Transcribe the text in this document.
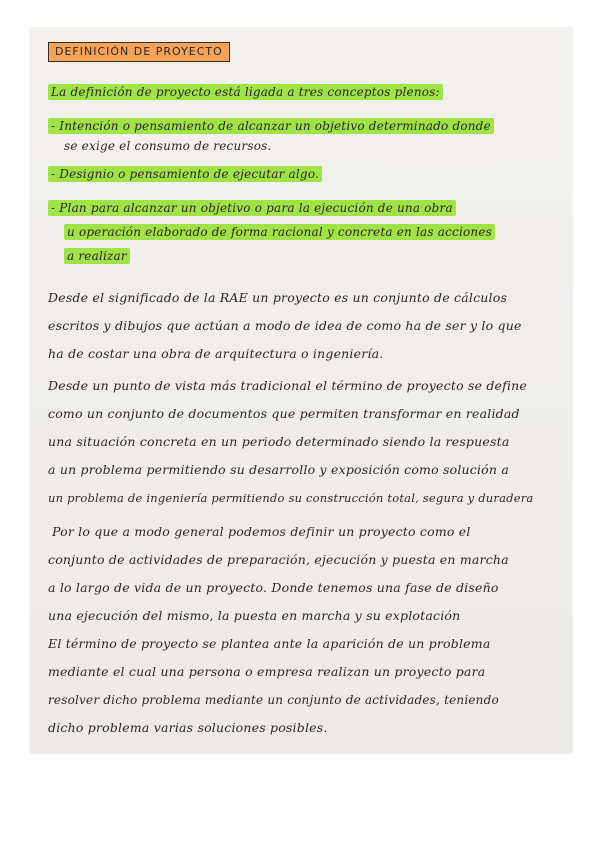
DEFINICIÓN DE PROYECTO
La definición de proyecto está ligada a tres conceptos plenos:
- Intención o pensamiento de alcanzar un objetivo determinado donde
se exige el consumo de recursos.
- Designio o pensamiento de ejecutar algo.
- Plan para alcanzar un objetivo o para la ejecución de una obra
u operación elaborado de forma racional y concreta en las acciones
a realizar
Desde el significado de la RAE un proyecto es un conjunto de cálculos
escritos y dibujos que actúan a modo de idea de como ha de ser y lo que
ha de costar una obra de arquitectura o ingeniería.
Desde un punto de vista más tradicional el término de proyecto se define
como un conjunto de documentos que permiten transformar en realidad
una situación concreta en un periodo determinado siendo la respuesta
a un problema permitiendo su desarrollo y exposición como solución a
un problema de ingeniería permitiendo su construcción total, segura y duradera
Por lo que a modo general podemos definir un proyecto como el
conjunto de actividades de preparación, ejecución y puesta en marcha
a lo largo de vida de un proyecto. Donde tenemos una fase de diseño
una ejecución del mismo, la puesta en marcha y su explotación
El término de proyecto se plantea ante la aparición de un problema
mediante el cual una persona o empresa realizan un proyecto para
resolver dicho problema mediante un conjunto de actividades, teniendo
dicho problema varias soluciones posibles.
